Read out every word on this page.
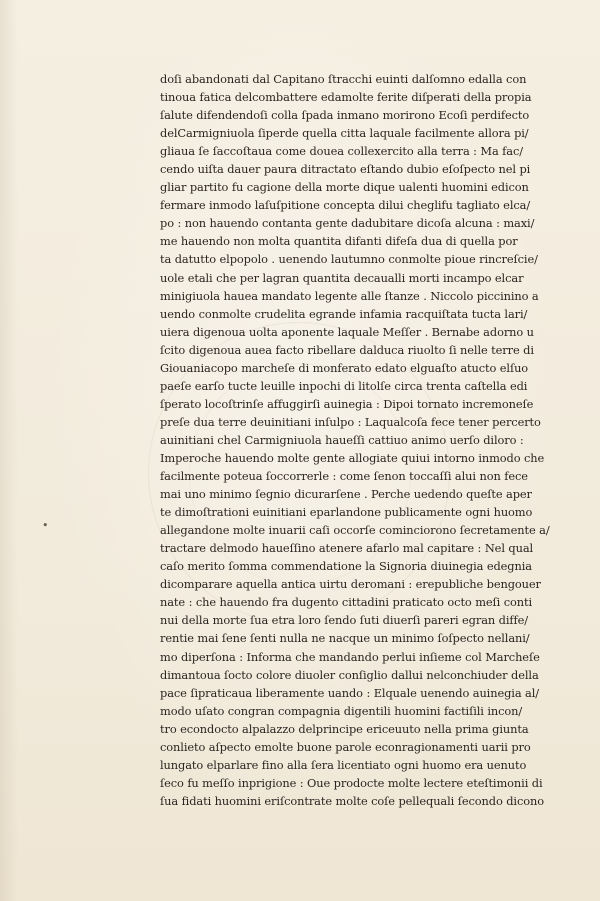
•
doſi abandonati dal Capitano ſtracchi euinti dalſomno edalla con
tinoua fatica delcombattere edamolte ferite diſperati della propia
ſalute difendendoſi colla ſpada inmano morirono Ecoſi perdifecto
delCarmigniuola ſiperde quella citta laquale facilmente allora pi/
gliaua ſe ſaccoſtaua come douea collexercito alla terra : Ma fac/
cendo uiſta dauer paura ditractato eſtando dubio eſoſpecto nel pi
gliar partito fu cagione della morte dique ualenti huomini edicon
fermare inmodo laſuſpitione concepta dilui cheglifu tagliato elca/
po : non hauendo contanta gente dadubitare dicoſa alcuna : maxi/
me hauendo non molta quantita difanti difeſa dua di quella por
ta datutto elpopolo . uenendo lautumno conmolte pioue rincreſcie/
uole etali che per lagran quantita decaualli morti incampo elcar
minigiuola hauea mandato legente alle ſtanze . Niccolo piccinino a
uendo conmolte crudelita egrande infamia racquiſtata tucta lari/
uiera digenoua uolta aponente laquale Meſſer . Bernabe adorno u
ſcito digenoua auea facto ribellare dalduca riuolto ſi nelle terre di
Giouaniacopo marcheſe di monferato edato elguaſto atucto elſuo
paeſe earſo tucte leuille inpochi di litolſe circa trenta caſtella edi
ſperato locoſtrinſe affuggirſi auinegia : Dipoi tornato incremoneſe
preſe dua terre deuinitiani inſulpo : Laqualcoſa fece tener percerto
auinitiani chel Carmigniuola haueſſi cattiuo animo uerſo diloro :
Imperoche hauendo molte gente allogiate quiui intorno inmodo che
facilmente poteua ſoccorrerle : come ſenon toccaſſi alui non fece
mai uno minimo ſegnio dicurarſene . Perche uedendo queſte aper
te dimoſtrationi euinitiani eparlandone publicamente ogni huomo
allegandone molte inuarii caſi occorſe cominciorono ſecretamente a/
tractare delmodo haueſſino atenere afarlo mal capitare : Nel qual
caſo merito ſomma commendatione la Signoria diuinegia edegnia
dicomparare aquella antica uirtu deromani : erepubliche bengouer
nate : che hauendo fra dugento cittadini praticato octo meſi conti
nui della morte ſua etra loro ſendo ſuti diuerſi pareri egran diffe/
rentie mai ſene ſenti nulla ne nacque un minimo ſoſpecto nellani/
mo diperſona : Informa che mandando perlui inſieme col Marcheſe
dimantoua ſocto colore diuoler conſiglio dallui nelconchiuder della
pace ſipraticaua liberamente uando : Elquale uenendo auinegia al/
modo uſato congran compagnia digentili huomini factiſili incon/
tro econdocto alpalazzo delprincipe ericeuuto nella prima giunta
conlieto aſpecto emolte buone parole econragionamenti uarii pro
lungato elparlare fino alla ſera licentiato ogni huomo era uenuto
ſeco fu meſſo inprigione : Oue prodocte molte lectere eteſtimonii di
ſua fidati huomini eriſcontrate molte coſe pellequali ſecondo dicono
